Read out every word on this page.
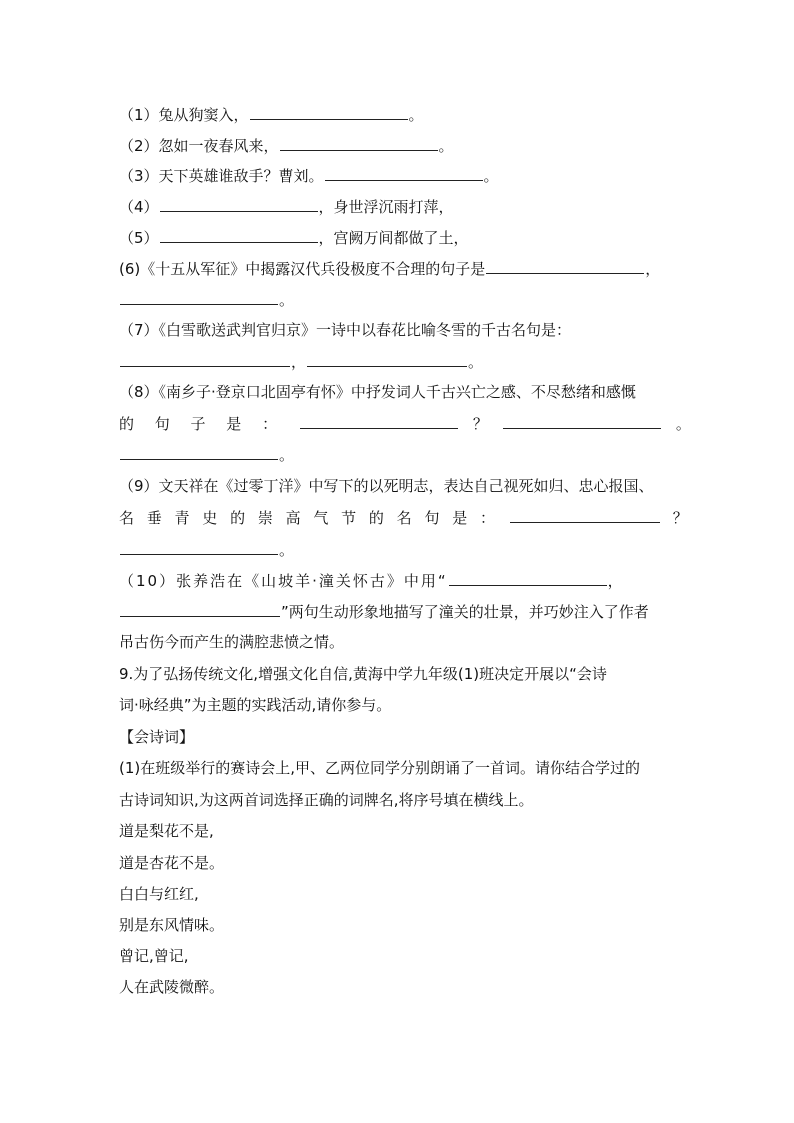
（1）兔从狗窦入，	。
（2）忽如一夜春风来，	。
（3）天下英雄谁敌手？曹刘。	。
（4）	，身世浮沉雨打萍，
（5）	，宫阙万间都做了土，
(6)《十五从军征》中揭露汉代兵役极度不合理的句子是	，
。
（7）《白雪歌送武判官归京》一诗中以春花比喻冬雪的千古名句是：
，	。
（8）《南乡子·登京口北固亭有怀》中抒发词人千古兴亡之感、不尽愁绪和感慨
的 句 子 是 ：	？	。
。
（9）文天祥在《过零丁洋》中写下的以死明志，表达自己视死如归、忠心报国、
名 垂 青 史 的 崇 高 气 节 的 名 句 是 ：	？
。
（10）张养浩在《山坡羊·潼关怀古》中用“	，
”两句生动形象地描写了潼关的壮景，并巧妙注入了作者
吊古伤今而产生的满腔悲愤之情。
9.为了弘扬传统文化,增强文化自信,黄海中学九年级(1)班决定开展以“会诗
词·咏经典”为主题的实践活动,请你参与。
【会诗词】
(1)在班级举行的赛诗会上,甲、乙两位同学分别朗诵了一首词。请你结合学过的
古诗词知识,为这两首词选择正确的词牌名,将序号填在横线上。
道是梨花不是,
道是杏花不是。
白白与红红,
别是东风情味。
曾记,曾记,
人在武陵微醉。
